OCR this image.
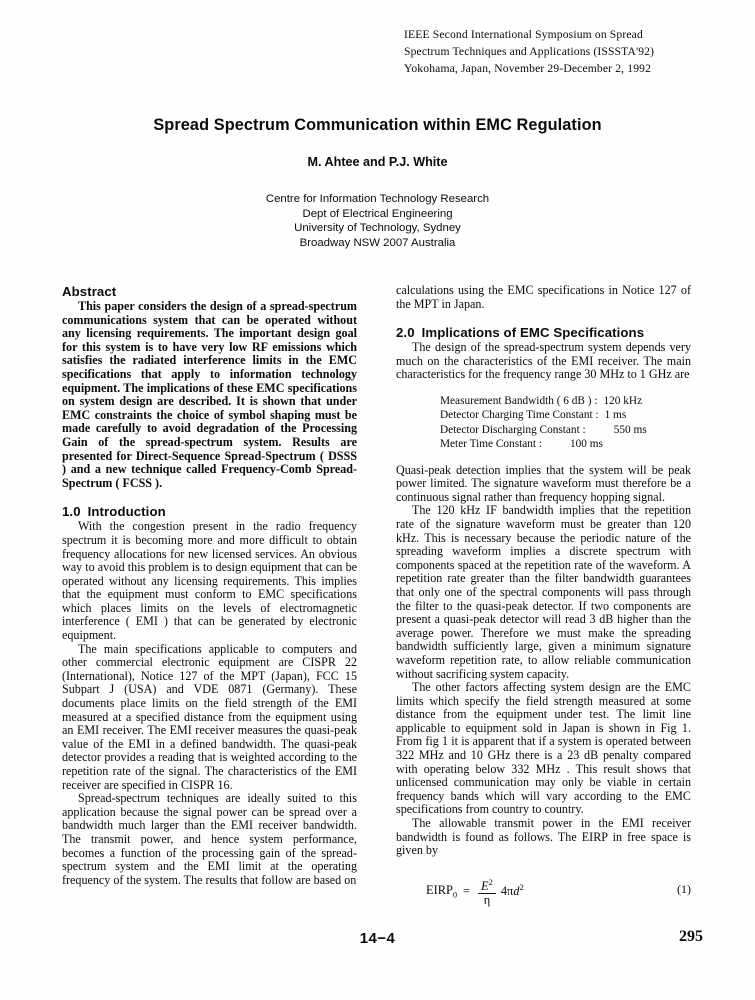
IEEE Second International Symposium on Spread
Spectrum Techniques and Applications (ISSSTA'92)
Yokohama, Japan, November 29-December 2, 1992
Spread Spectrum Communication within EMC Regulation
M. Ahtee and P.J. White
Centre for Information Technology Research
Dept of Electrical Engineering
University of Technology, Sydney
Broadway NSW 2007 Australia
Abstract

This paper considers the design of a spread-spectrum communications system that can be operated without any licensing requirements. The important design goal for this system is to have very low RF emissions which satisfies the radiated interference limits in the EMC specifications that apply to information technology equipment. The implications of these EMC specifications on system design are described. It is shown that under EMC constraints the choice of symbol shaping must be made carefully to avoid degradation of the Processing Gain of the spread-spectrum system. Results are presented for Direct-Sequence Spread-Spectrum ( DSSS ) and a new technique called Frequency-Comb Spread-Spectrum ( FCSS ).

1.0 Introduction

With the congestion present in the radio frequency spectrum it is becoming more and more difficult to obtain frequency allocations for new licensed services. An obvious way to avoid this problem is to design equipment that can be operated without any licensing requirements. This implies that the equipment must conform to EMC specifications which places limits on the levels of electromagnetic interference ( EMI ) that can be generated by electronic equipment.

The main specifications applicable to computers and other commercial electronic equipment are CISPR 22 (International), Notice 127 of the MPT (Japan), FCC 15 Subpart J (USA) and VDE 0871 (Germany). These documents place limits on the field strength of the EMI measured at a specified distance from the equipment using an EMI receiver. The EMI receiver measures the quasi-peak value of the EMI in a defined bandwidth. The quasi-peak detector provides a reading that is weighted according to the repetition rate of the signal. The characteristics of the EMI receiver are specified in CISPR 16.

Spread-spectrum techniques are ideally suited to this application because the signal power can be spread over a bandwidth much larger than the EMI receiver bandwidth. The transmit power, and hence system performance, becomes a function of the processing gain of the spread-spectrum system and the EMI limit at the operating frequency of the system. The results that follow are based on

calculations using the EMC specifications in Notice 127 of the MPT in Japan.

2.0 Implications of EMC Specifications

The design of the spread-spectrum system depends very much on the characteristics of the EMI receiver. The main characteristics for the frequency range 30 MHz to 1 GHz are

Measurement Bandwidth ( 6 dB ) : 120 kHz
Detector Charging Time Constant : 1 ms
Detector Discharging Constant : 550 ms
Meter Time Constant : 100 ms

Quasi-peak detection implies that the system will be peak power limited. The signature waveform must therefore be a continuous signal rather than frequency hopping signal.

The 120 kHz IF bandwidth implies that the repetition rate of the signature waveform must be greater than 120 kHz. This is necessary because the periodic nature of the spreading waveform implies a discrete spectrum with components spaced at the repetition rate of the waveform. A repetition rate greater than the filter bandwidth guarantees that only one of the spectral components will pass through the filter to the quasi-peak detector. If two components are present a quasi-peak detector will read 3 dB higher than the average power. Therefore we must make the spreading bandwidth sufficiently large, given a minimum signature waveform repetition rate, to allow reliable communication without sacrificing system capacity.

The other factors affecting system design are the EMC limits which specify the field strength measured at some distance from the equipment under test. The limit line applicable to equipment sold in Japan is shown in Fig 1. From fig 1 it is apparent that if a system is operated between 322 MHz and 10 GHz there is a 23 dB penalty compared with operating below 332 MHz . This result shows that unlicensed communication may only be viable in certain frequency bands which will vary according to the EMC specifications from country to country.

The allowable transmit power in the EMI receiver bandwidth is found as follows. The EIRP in free space is given by

$EIRP_0 = \frac{E^2}{\eta} 4\pi d^2$	(1)
14−4	295
